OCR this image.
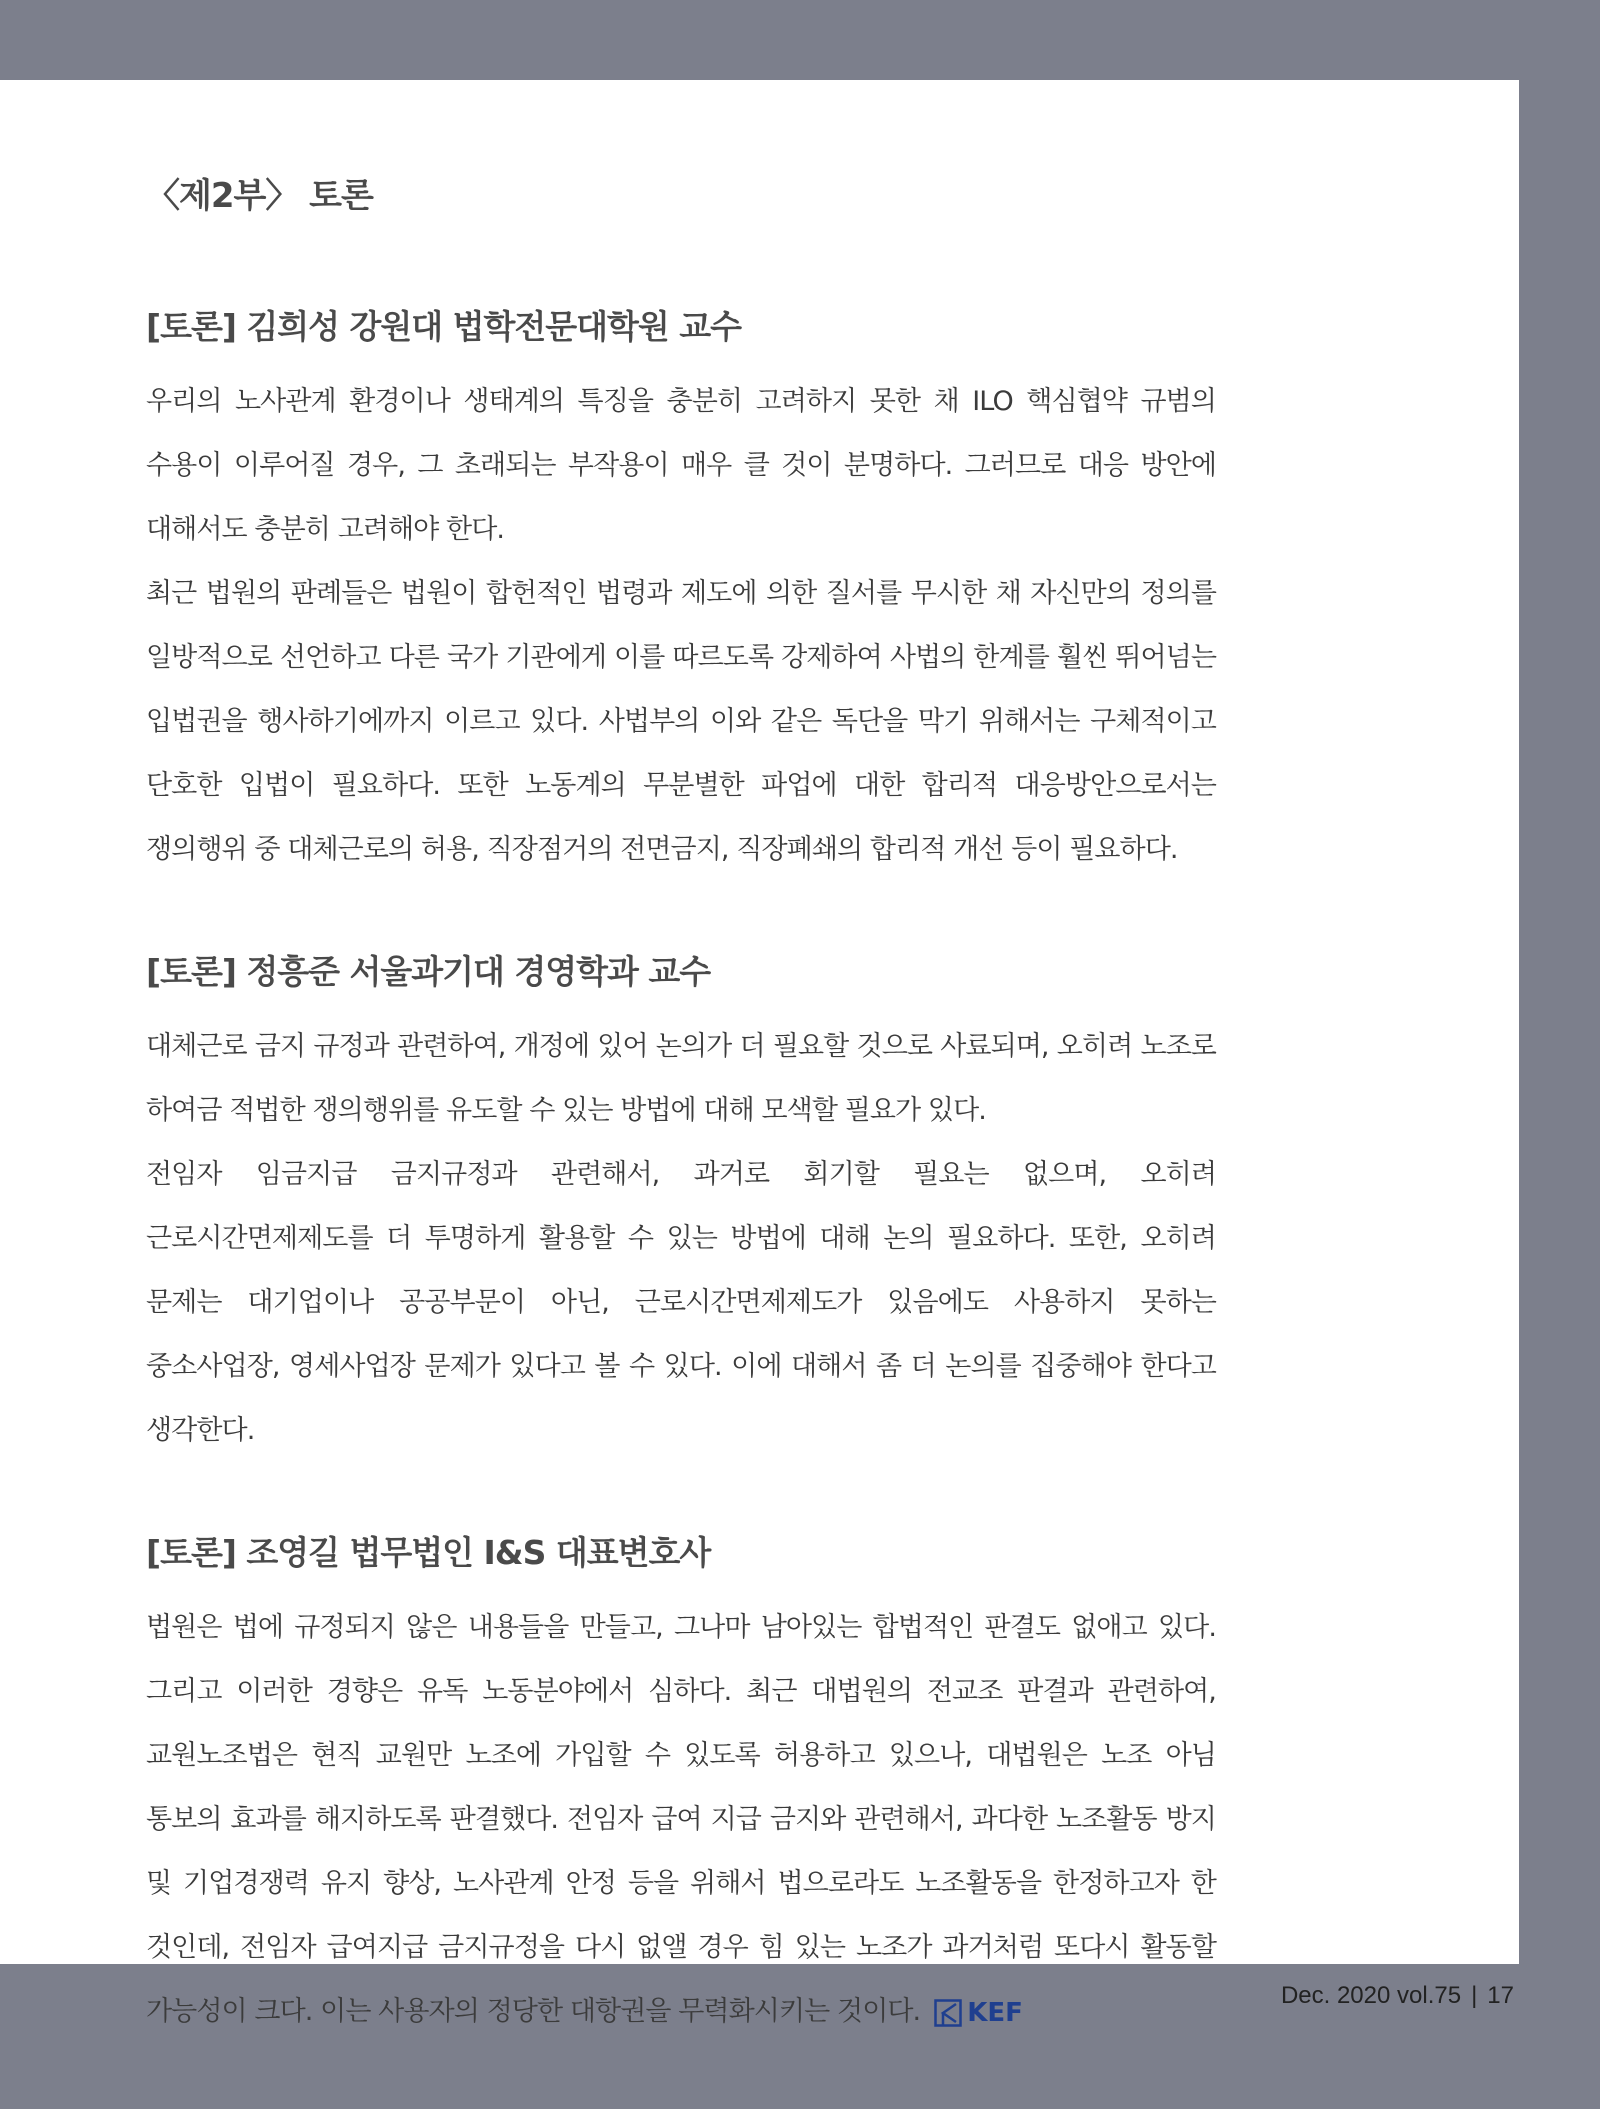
〈제2부〉 토론
[토론] 김희성 강원대 법학전문대학원 교수

우리의 노사관계 환경이나 생태계의 특징을 충분히 고려하지 못한 채 ILO 핵심협약 규범의 수용이 이루어질 경우, 그 초래되는 부작용이 매우 클 것이 분명하다. 그러므로 대응 방안에 대해서도 충분히 고려해야 한다.

최근 법원의 판례들은 법원이 합헌적인 법령과 제도에 의한 질서를 무시한 채 자신만의 정의를 일방적으로 선언하고 다른 국가 기관에게 이를 따르도록 강제하여 사법의 한계를 훨씬 뛰어넘는 입법권을 행사하기에까지 이르고 있다. 사법부의 이와 같은 독단을 막기 위해서는 구체적이고 단호한 입법이 필요하다. 또한 노동계의 무분별한 파업에 대한 합리적 대응방안으로서는 쟁의행위 중 대체근로의 허용, 직장점거의 전면금지, 직장폐쇄의 합리적 개선 등이 필요하다.

[토론] 정흥준 서울과기대 경영학과 교수

대체근로 금지 규정과 관련하여, 개정에 있어 논의가 더 필요할 것으로 사료되며, 오히려 노조로 하여금 적법한 쟁의행위를 유도할 수 있는 방법에 대해 모색할 필요가 있다.

전임자 임금지급 금지규정과 관련해서, 과거로 회기할 필요는 없으며, 오히려 근로시간면제제도를 더 투명하게 활용할 수 있는 방법에 대해 논의 필요하다. 또한, 오히려 문제는 대기업이나 공공부문이 아닌, 근로시간면제제도가 있음에도 사용하지 못하는 중소사업장, 영세사업장 문제가 있다고 볼 수 있다. 이에 대해서 좀 더 논의를 집중해야 한다고 생각한다.

[토론] 조영길 법무법인 I&S 대표변호사

법원은 법에 규정되지 않은 내용들을 만들고, 그나마 남아있는 합법적인 판결도 없애고 있다. 그리고 이러한 경향은 유독 노동분야에서 심하다. 최근 대법원의 전교조 판결과 관련하여, 교원노조법은 현직 교원만 노조에 가입할 수 있도록 허용하고 있으나, 대법원은 노조 아님 통보의 효과를 해지하도록 판결했다. 전임자 급여 지급 금지와 관련해서, 과다한 노조활동 방지 및 기업경쟁력 유지 향상, 노사관계 안정 등을 위해서 법으로라도 노조활동을 한정하고자 한 것인데, 전임자 급여지급 금지규정을 다시 없앨 경우 힘 있는 노조가 과거처럼 또다시 활동할 가능성이 크다. 이는 사용자의 정당한 대항권을 무력화시키는 것이다. KEF

Dec. 2020 vol.75 | 17
